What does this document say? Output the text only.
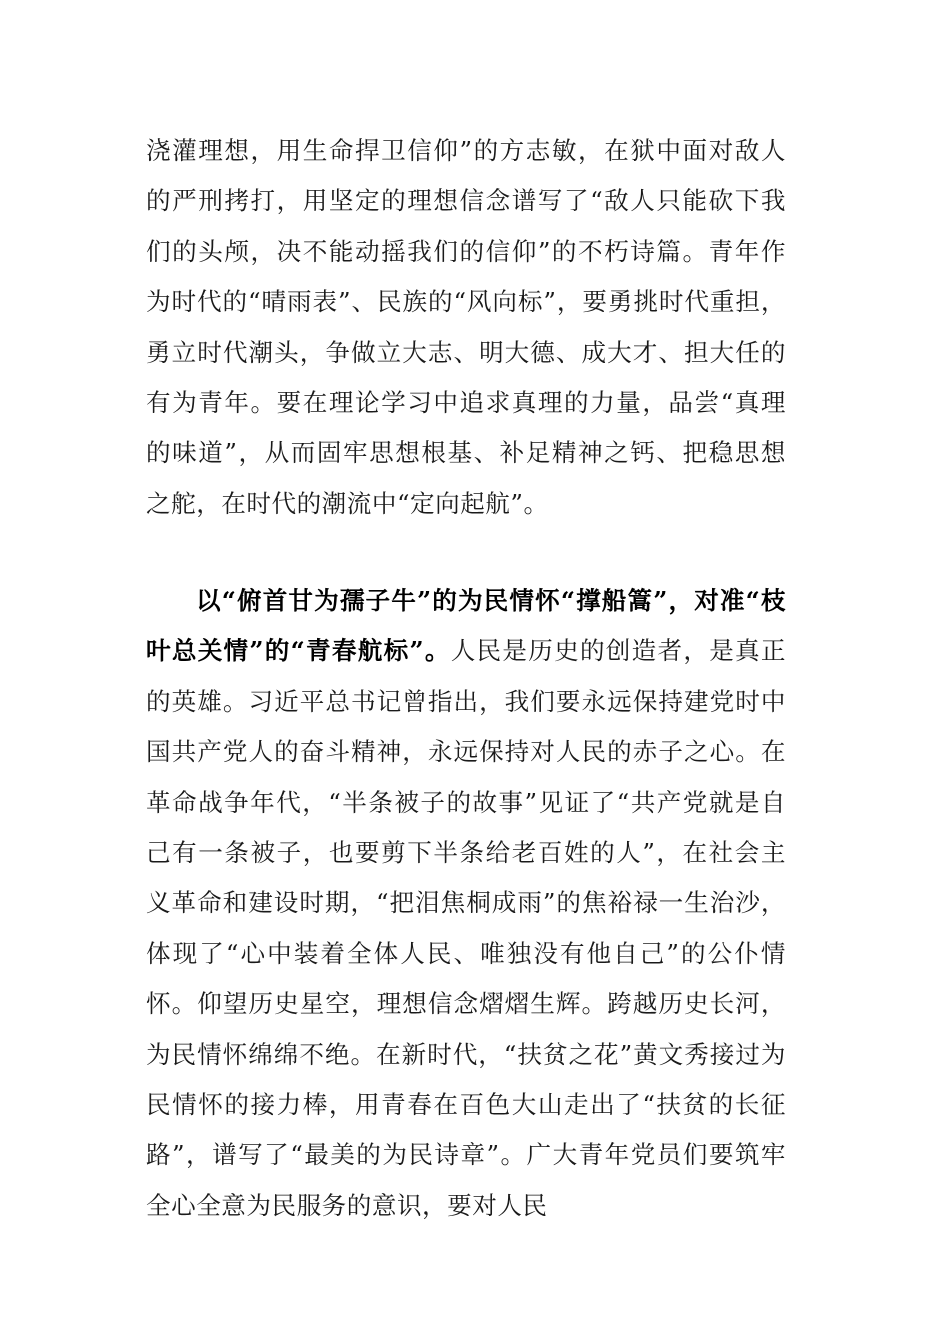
浇灌理想，用生命捍卫信仰”的方志敏，在狱中面对敌人的严刑拷打，用坚定的理想信念谱写了“敌人只能砍下我们的头颅，决不能动摇我们的信仰”的不朽诗篇。青年作为时代的“晴雨表”、民族的“风向标”，要勇挑时代重担，勇立时代潮头，争做立大志、明大德、成大才、担大任的有为青年。要在理论学习中追求真理的力量，品尝“真理的味道”，从而固牢思想根基、补足精神之钙、把稳思想之舵，在时代的潮流中“定向起航”。
以“俯首甘为孺子牛”的为民情怀“撑船篙”，对准“枝叶总关情”的“青春航标”。人民是历史的创造者，是真正的英雄。习近平总书记曾指出，我们要永远保持建党时中国共产党人的奋斗精神，永远保持对人民的赤子之心。在革命战争年代，“半条被子的故事”见证了“共产党就是自己有一条被子，也要剪下半条给老百姓的人”，在社会主义革命和建设时期，“把泪焦桐成雨”的焦裕禄一生治沙，体现了“心中装着全体人民、唯独没有他自己”的公仆情怀。仰望历史星空，理想信念熠熠生辉。跨越历史长河，为民情怀绵绵不绝。在新时代，“扶贫之花”黄文秀接过为民情怀的接力棒，用青春在百色大山走出了“扶贫的长征路”，谱写了“最美的为民诗章”。广大青年党员们要筑牢全心全意为民服务的意识，要对人民
